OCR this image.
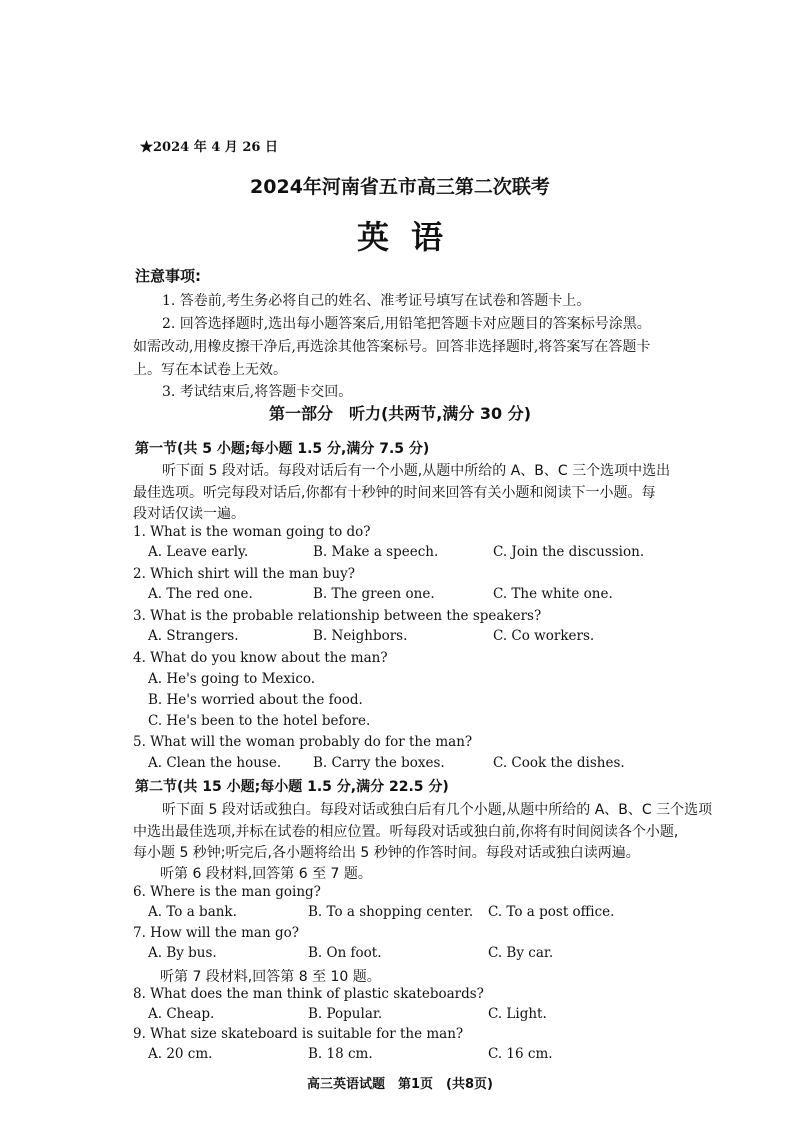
★2024 年 4 月 26 日
2024年河南省五市高三第二次联考
英语
注意事项:
1. 答卷前,考生务必将自己的姓名、准考证号填写在试卷和答题卡上。
2. 回答选择题时,选出每小题答案后,用铅笔把答题卡对应题目的答案标号涂黑。
如需改动,用橡皮擦干净后,再选涂其他答案标号。回答非选择题时,将答案写在答题卡
上。写在本试卷上无效。
3. 考试结束后,将答题卡交回。
第一部分　听力(共两节,满分 30 分)
第一节(共 5 小题;每小题 1.5 分,满分 7.5 分)
听下面 5 段对话。每段对话后有一个小题,从题中所给的 A、B、C 三个选项中选出
最佳选项。听完每段对话后,你都有十秒钟的时间来回答有关小题和阅读下一小题。每
段对话仅读一遍。
1. What is the woman going to do?
A. Leave early.	B. Make a speech.	C. Join the discussion.
2. Which shirt will the man buy?
A. The red one.	B. The green one.	C. The white one.
3. What is the probable relationship between the speakers?
A. Strangers.	B. Neighbors.	C. Co workers.
4. What do you know about the man?
A. He's going to Mexico.
B. He's worried about the food.
C. He's been to the hotel before.
5. What will the woman probably do for the man?
A. Clean the house. B. Carry the boxes.	C. Cook the dishes.
第二节(共 15 小题;每小题 1.5 分,满分 22.5 分)
听下面 5 段对话或独白。每段对话或独白后有几个小题,从题中所给的 A、B、C 三个选项
中选出最佳选项,并标在试卷的相应位置。听每段对话或独白前,你将有时间阅读各个小题,
每小题 5 秒钟;听完后,各小题将给出 5 秒钟的作答时间。每段对话或独白读两遍。
听第 6 段材料,回答第 6 至 7 题。
6. Where is the man going?
A. To a bank.	B. To a shopping center. C. To a post office.
7. How will the man go?
A. By bus.	B. On foot.	C. By car.
听第 7 段材料,回答第 8 至 10 题。
8. What does the man think of plastic skateboards?
A. Cheap.	B. Popular.	C. Light.
9. What size skateboard is suitable for the man?
A. 20 cm.	B. 18 cm.	C. 16 cm.
高三英语试题　第1页　(共8页)
